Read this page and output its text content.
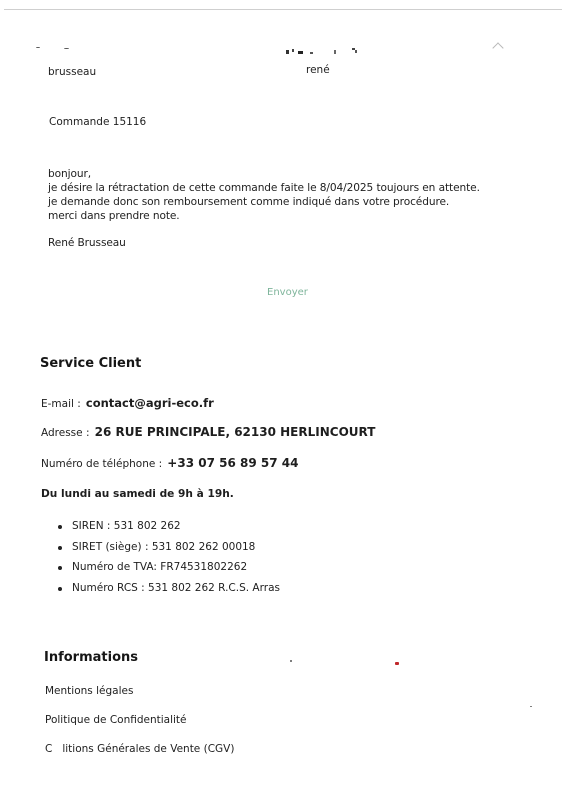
brusseau	rené
Commande 15116
bonjour,
je désire la rétractation de cette commande faite le 8/04/2025 toujours en attente.
je demande donc son remboursement comme indiqué dans votre procédure.
merci dans prendre note.
René Brusseau
Envoyer
Service Client
E-mail : contact@agri-eco.fr
Adresse : 26 RUE PRINCIPALE, 62130 HERLINCOURT
Numéro de téléphone : +33 07 56 89 57 44
Du lundi au samedi de 9h à 19h.
SIREN : 531 802 262
SIRET (siège) : 531 802 262 00018
Numéro de TVA: FR74531802262
Numéro RCS : 531 802 262 R.C.S. Arras
Informations
Mentions légales
Politique de Confidentialité
C   litions Générales de Vente (CGV)
